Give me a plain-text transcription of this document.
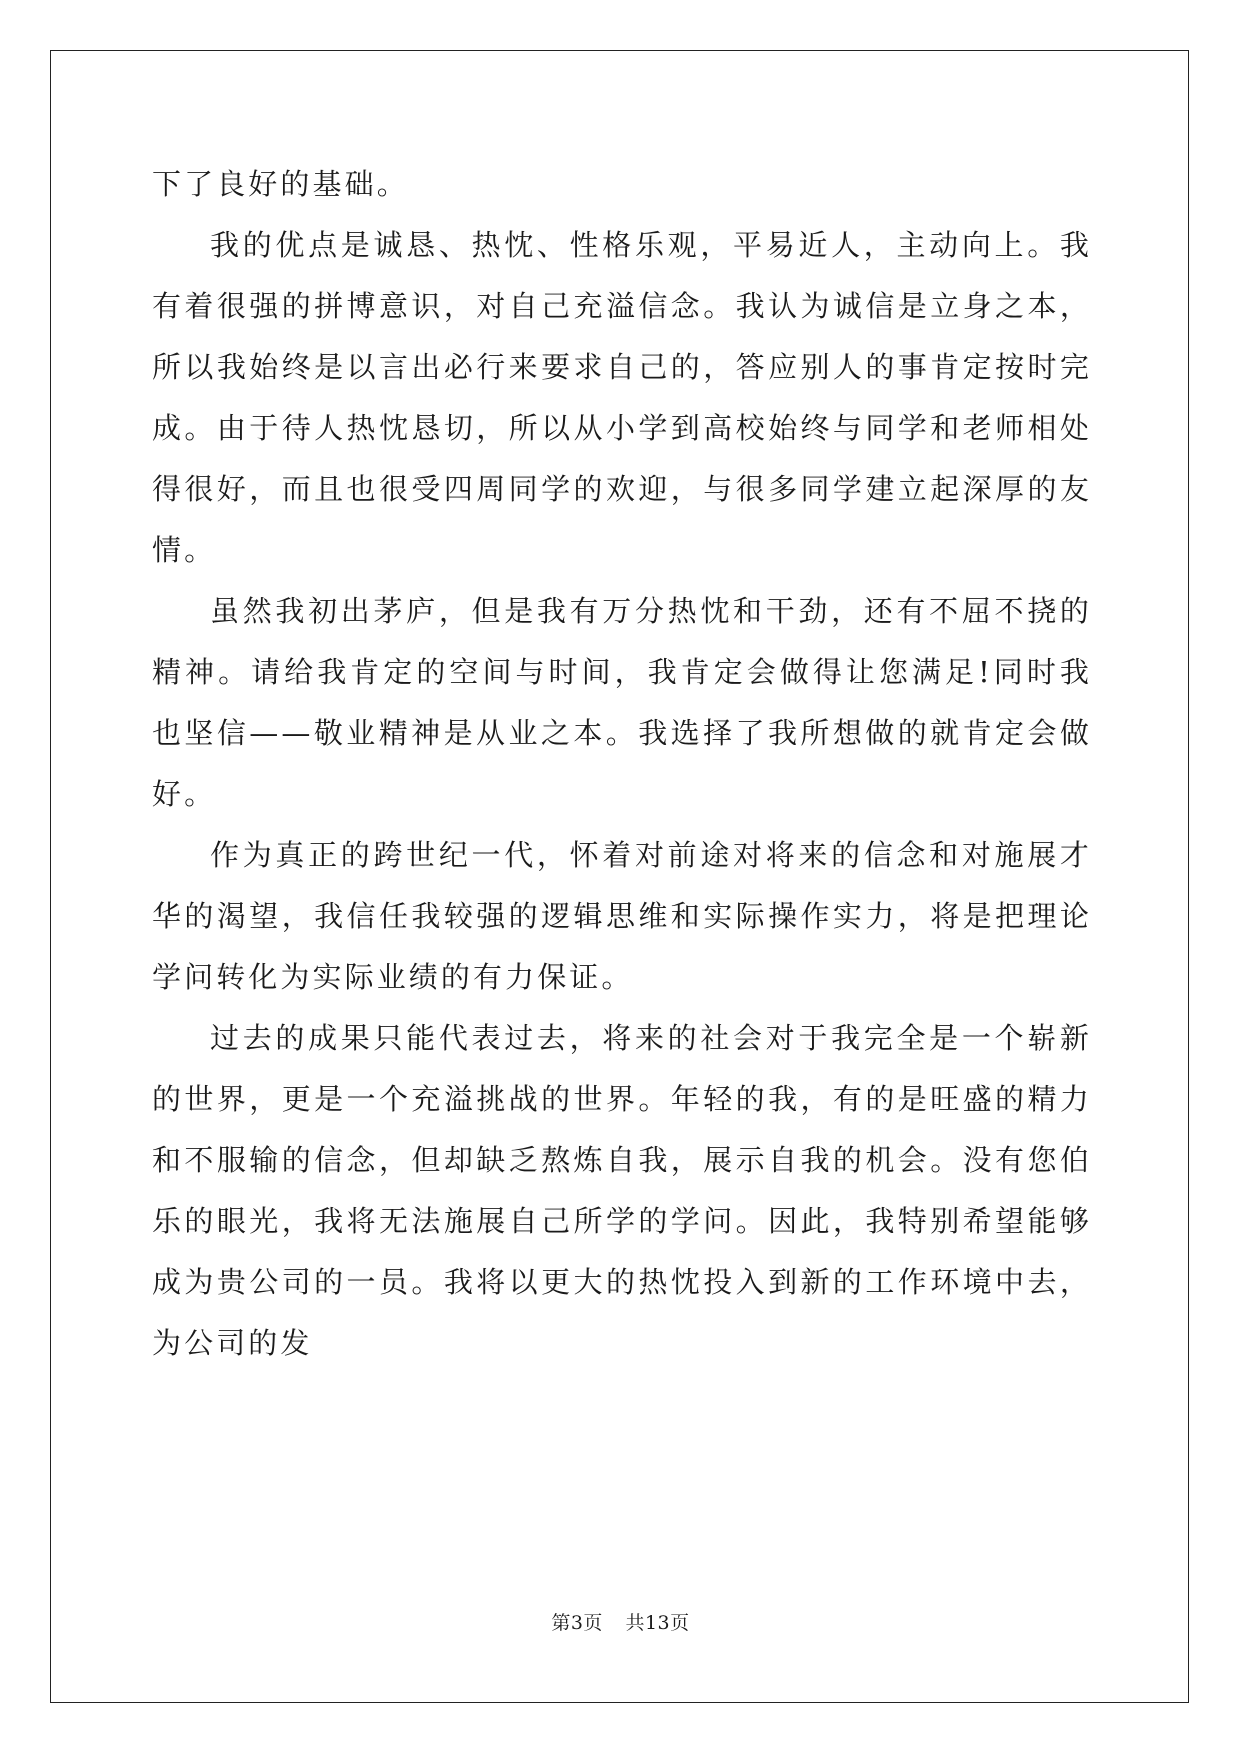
下了良好的基础。

我的优点是诚恳、热忱、性格乐观，平易近人，主动向上。我有着很强的拼博意识，对自己充溢信念。我认为诚信是立身之本，所以我始终是以言出必行来要求自己的，答应别人的事肯定按时完成。由于待人热忱恳切，所以从小学到高校始终与同学和老师相处得很好，而且也很受四周同学的欢迎，与很多同学建立起深厚的友情。

虽然我初出茅庐，但是我有万分热忱和干劲，还有不屈不挠的精神。请给我肯定的空间与时间，我肯定会做得让您满足!同时我也坚信——敬业精神是从业之本。我选择了我所想做的就肯定会做好。

作为真正的跨世纪一代，怀着对前途对将来的信念和对施展才华的渴望，我信任我较强的逻辑思维和实际操作实力，将是把理论学问转化为实际业绩的有力保证。

过去的成果只能代表过去，将来的社会对于我完全是一个崭新的世界，更是一个充溢挑战的世界。年轻的我，有的是旺盛的精力和不服输的信念，但却缺乏熬炼自我，展示自我的机会。没有您伯乐的眼光，我将无法施展自己所学的学问。因此，我特别希望能够成为贵公司的一员。我将以更大的热忱投入到新的工作环境中去，为公司的发

第3页 共13页
